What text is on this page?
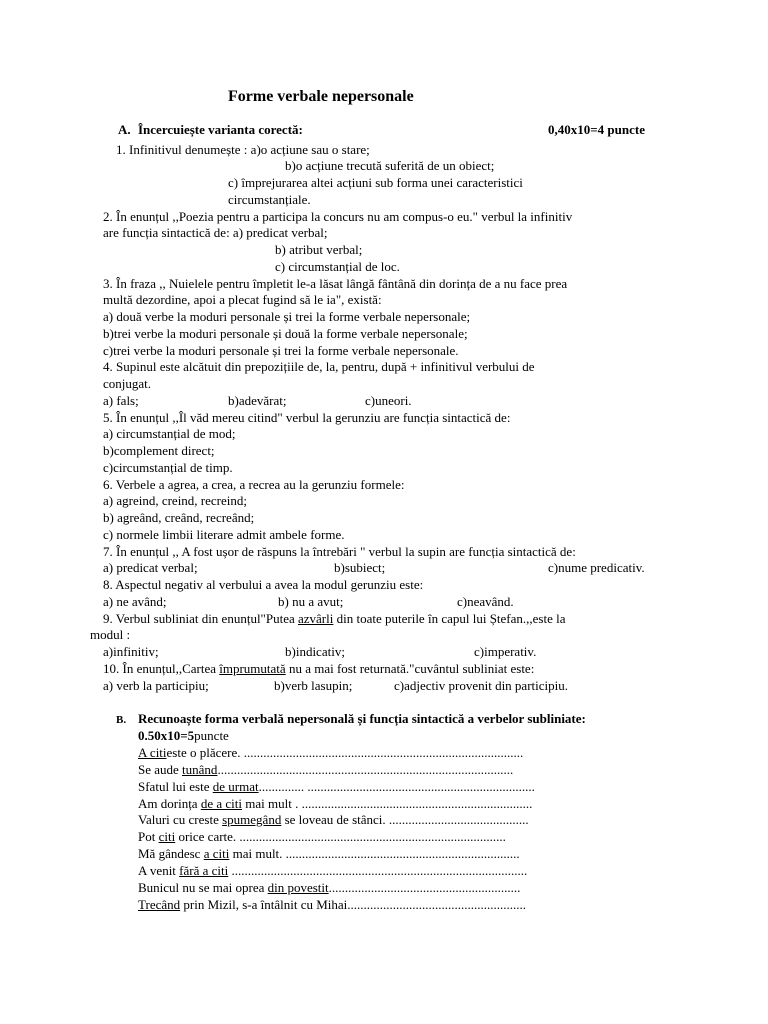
Forme verbale nepersonale
A. Încercuiește varianta corectă:	0,40x10=4 puncte
1. Infinitivul denumește : a)o acțiune sau o stare;
b)o acțiune trecută suferită de un obiect;
c) împrejurarea altei acțiuni sub forma unei caracteristici
circumstanțiale.
2. În enunțul ,,Poezia pentru a participa la concurs nu am compus-o eu." verbul la infinitiv
are funcția sintactică de: a) predicat verbal;
b) atribut verbal;
c) circumstanțial de loc.
3. În fraza ,, Nuielele pentru împletit le-a lăsat lângă fântână din dorința de a nu face prea
multă dezordine, apoi a plecat fugind să le ia", există:
a) două verbe la moduri personale și trei la forme verbale nepersonale;
b)trei verbe la moduri personale și două la forme verbale nepersonale;
c)trei verbe la moduri personale și trei la forme verbale nepersonale.
4. Supinul este alcătuit din prepozițiile de, la, pentru, după + infinitivul verbului de
conjugat.
a) fals;	b)adevărat;	c)uneori.
5. În enunțul ,,Îl văd mereu citind" verbul la gerunziu are funcția sintactică de:
a) circumstanțial de mod;
b)complement direct;
c)circumstanțial de timp.
6. Verbele a agrea, a crea, a recrea au la gerunziu formele:
a) agreind, creind, recreind;
b) agreând, creând, recreând;
c) normele limbii literare admit ambele forme.
7. În enunțul ,, A fost ușor de răspuns la întrebări " verbul la supin are funcția sintactică de:
a) predicat verbal;	b)subiect;	c)nume predicativ.
8. Aspectul negativ al verbului a avea la modul gerunziu este:
a) ne având;	b) nu a avut;	c)neavând.
9. Verbul subliniat din enunțul"Putea azvârli din toate puterile în capul lui Ștefan.,,este la
modul :
a)infinitiv;	b)indicativ;	c)imperativ.
10. În enunțul,,Cartea împrumutată nu a mai fost returnată."cuvântul subliniat este:
a) verb la participiu;	b)verb lasupin;	c)adjectiv provenit din participiu.
B. Recunoaște forma verbală nepersonală și funcția sintactică a verbelor subliniate:
0.50x10=5puncte
A citieste o plăcere. ......................................................................................
Se aude tunând...........................................................................................
Sfatul lui este de urmat.............. ......................................................................
Am dorința de a citi mai mult . .......................................................................
Valuri cu creste spumegând se loveau de stânci. ...........................................
Pot citi orice carte. ..................................................................................
Mă gândesc a citi mai mult. ........................................................................
A venit fără a citi ...........................................................................................
Bunicul nu se mai oprea din povestit...........................................................
Trecând prin Mizil, s-a întâlnit cu Mihai.......................................................
